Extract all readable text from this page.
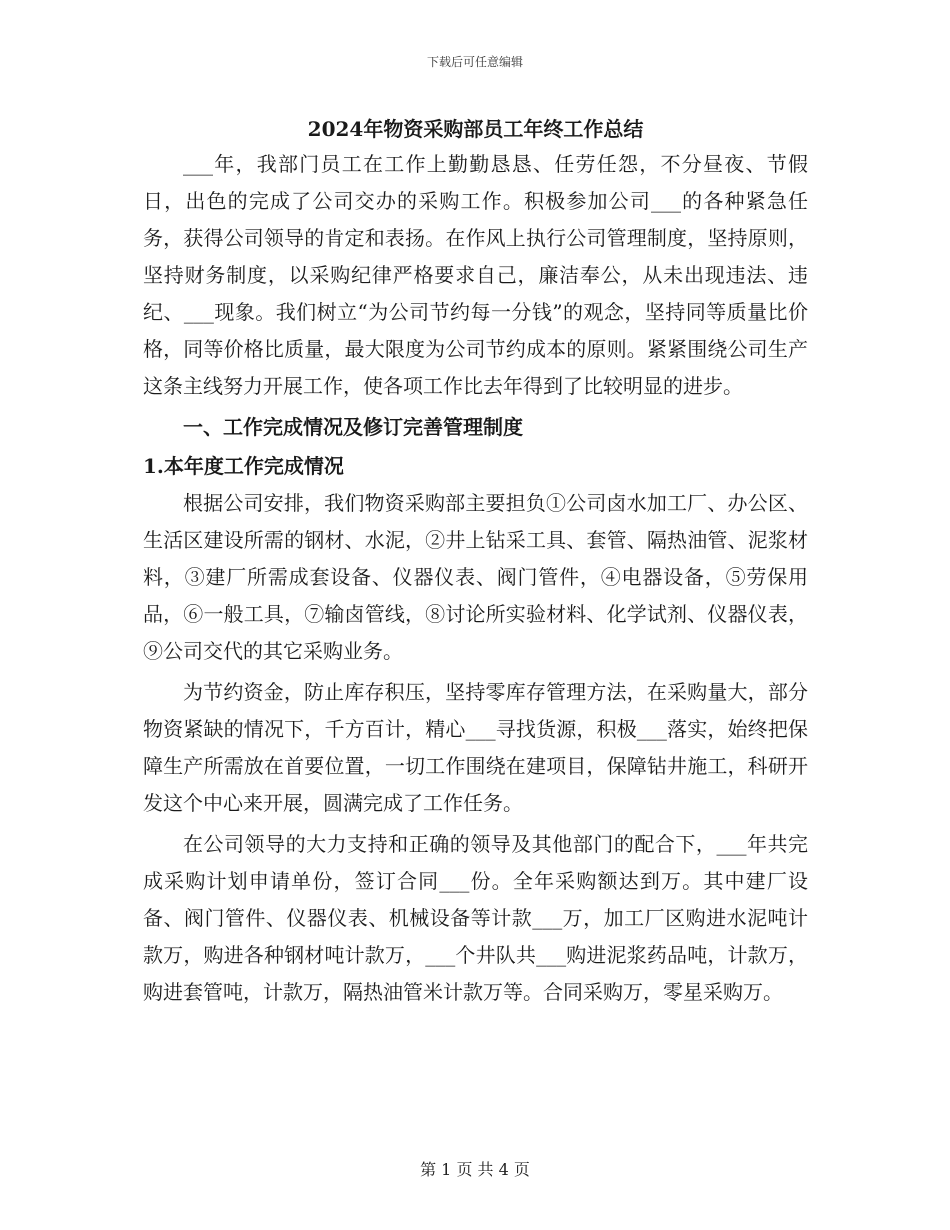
下载后可任意编辑
2024年物资采购部员工年终工作总结

___年，我部门员工在工作上勤勤恳恳、任劳任怨，不分昼夜、节假日，出色的完成了公司交办的采购工作。积极参加公司___的各种紧急任务，获得公司领导的肯定和表扬。在作风上执行公司管理制度，坚持原则，坚持财务制度，以采购纪律严格要求自己，廉洁奉公，从未出现违法、违纪、___现象。我们树立“为公司节约每一分钱”的观念，坚持同等质量比价格，同等价格比质量，最大限度为公司节约成本的原则。紧紧围绕公司生产这条主线努力开展工作，使各项工作比去年得到了比较明显的进步。

一、工作完成情况及修订完善管理制度

1.本年度工作完成情况

根据公司安排，我们物资采购部主要担负①公司卤水加工厂、办公区、生活区建设所需的钢材、水泥，②井上钻采工具、套管、隔热油管、泥浆材料，③建厂所需成套设备、仪器仪表、阀门管件，④电器设备，⑤劳保用品，⑥一般工具，⑦输卤管线，⑧讨论所实验材料、化学试剂、仪器仪表，⑨公司交代的其它采购业务。

为节约资金，防止库存积压，坚持零库存管理方法，在采购量大，部分物资紧缺的情况下，千方百计，精心___寻找货源，积极___落实，始终把保障生产所需放在首要位置，一切工作围绕在建项目，保障钻井施工，科研开发这个中心来开展，圆满完成了工作任务。

在公司领导的大力支持和正确的领导及其他部门的配合下，___年共完成采购计划申请单份，签订合同___份。全年采购额达到万。其中建厂设备、阀门管件、仪器仪表、机械设备等计款___万，加工厂区购进水泥吨计款万，购进各种钢材吨计款万，___个井队共___购进泥浆药品吨，计款万，购进套管吨，计款万，隔热油管米计款万等。合同采购万，零星采购万。

第 1 页 共 4 页
